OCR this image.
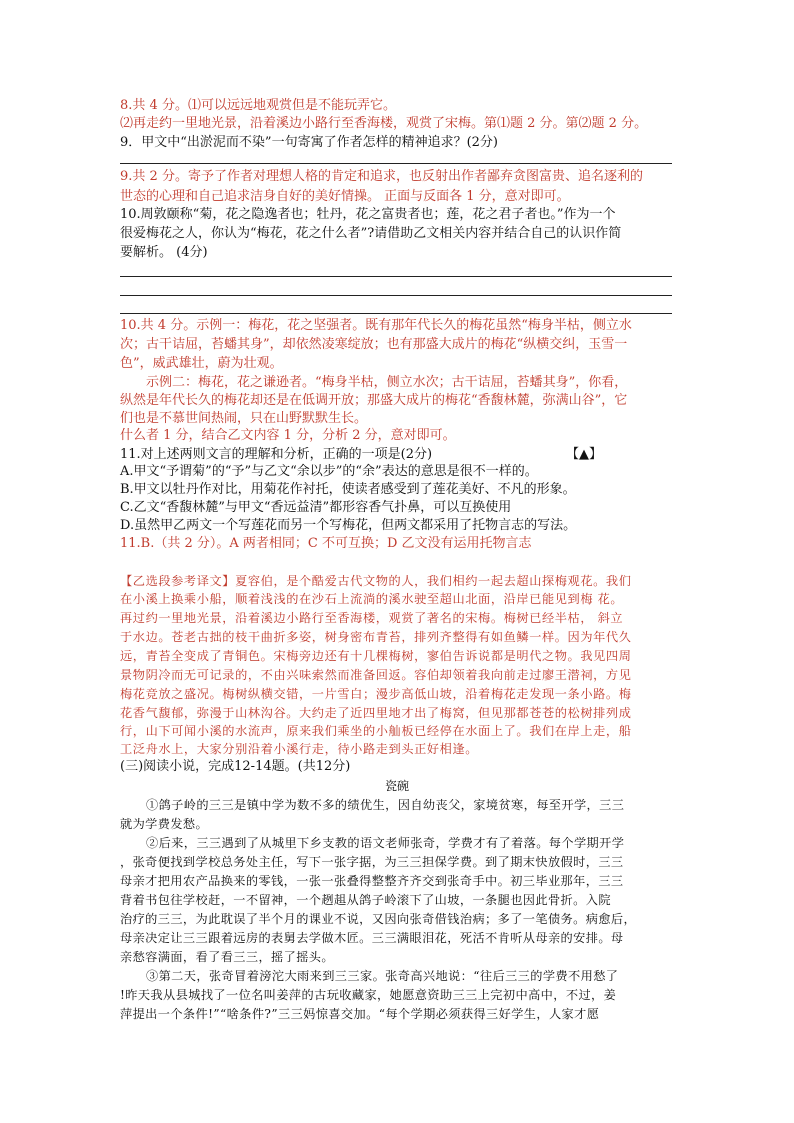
8.共 4 分。⑴可以远远地观赏但是不能玩弄它。

⑵再走约一里地光景，沿着溪边小路行至香海楼，观赏了宋梅。第⑴题 2 分。第⑵题 2 分。

9．甲文中“出淤泥而不染”一句寄寓了作者怎样的精神追求？(2分)

9.共 2 分。寄予了作者对理想人格的肯定和追求，也反射出作者鄙弃贪图富贵、追名逐利的

世态的心理和自己追求洁身自好的美好情操。 正面与反面各 1 分，意对即可。

10.周敦颐称“菊，花之隐逸者也；牡丹，花之富贵者也；莲，花之君子者也。”作为一个

很爱梅花之人，你认为“梅花，花之什么者”?请借助乙文相关内容并结合自己的认识作简

要解析。 (4分)

10.共 4 分。示例一：梅花，花之坚强者。既有那年代长久的梅花虽然“梅身半枯，侧立水

次；古干诘屈，苔蟠其身”，却依然凌寒绽放；也有那盛大成片的梅花“纵横交纠，玉雪一

色”，威武雄壮，蔚为壮观。

示例二：梅花，花之谦逊者。“梅身半枯，侧立水次；古干诘屈，苔蟠其身”，你看，

纵然是年代长久的梅花却还是在低调开放；那盛大成片的梅花“香馥林麓，弥满山谷”，它

们也是不慕世间热闹，只在山野默默生长。

什么者 1 分，结合乙文内容 1 分，分析 2 分，意对即可。

11.对上述两则文言的理解和分析，正确的一项是(2分)	【▲】

A.甲文“予谓菊”的“予”与乙文“余以步”的“余”表达的意思是很不一样的。

B.甲文以牡丹作对比，用菊花作衬托，使读者感受到了莲花美好、不凡的形象。

C.乙文“香馥林麓”与甲文“香远益清”都形容香气扑鼻，可以互换使用

D.虽然甲乙两文一个写莲花而另一个写梅花，但两文都采用了托物言志的写法。

11.B.（共 2 分）。A 两者相同；C 不可互换；D 乙文没有运用托物言志

【乙选段参考译文】夏容伯，是个酷爱古代文物的人，我们相约一起去超山探梅观花。我们

在小溪上换乘小船，顺着浅浅的在沙石上流淌的溪水驶至超山北面，沿岸已能见到梅 花。

再过约一里地光景，沿着溪边小路行至香海楼，观赏了著名的宋梅。梅树已经半枯， 斜立

于水边。苍老古拙的枝干曲折多姿，树身密布青苔，排列齐整得有如鱼鳞一样。因为年代久

远，青苔全变成了青铜色。宋梅旁边还有十几棵梅树，寥伯告诉说都是明代之物。我见四周

景物阴冷而无可记录的，不由兴味索然而准备回返。容伯却领着我向前走过廖王潜祠，方见

梅花竞放之盛况。梅树纵横交错，一片雪白；漫步高低山坡，沿着梅花走发现一条小路。梅

花香气馥郁，弥漫于山林沟谷。大约走了近四里地才出了梅窝，但见那都苍苍的松树排列成

行，山下可闻小溪的水流声，原来我们乘坐的小舢板已经停在水面上了。我们在岸上走，船

工泛舟水上，大家分别沿着小溪行走，待小路走到头正好相逢。

(三)阅读小说，完成12-14题。(共12分)

瓷碗

①鸽子岭的三三是镇中学为数不多的绩优生，因自幼丧父，家境贫寒，每至开学，三三

就为学费发愁。

②后来，三三遇到了从城里下乡支教的语文老师张奇，学费才有了着落。每个学期开学

，张奇便找到学校总务处主任，写下一张字据，为三三担保学费。到了期末快放假时，三三

母亲才把用农产品换来的零钱，一张一张叠得整整齐齐交到张奇手中。初三毕业那年，三三

背着书包往学校赶，一不留神，一个趔趄从鸽子岭滚下了山坡，一条腿也因此骨折。入院

治疗的三三，为此耽误了半个月的课业不说，又因向张奇借钱治病；多了一笔债务。病愈后，

母亲决定让三三跟着远房的表舅去学做木匠。三三满眼泪花，死活不肯听从母亲的安排。母

亲愁容满面，看了看三三，摇了摇头。

③第二天，张奇冒着滂沱大雨来到三三家。张奇高兴地说：“往后三三的学费不用愁了

!昨天我从县城找了一位名叫姜萍的古玩收藏家，她愿意资助三三上完初中高中，不过，姜

萍提出一个条件!”“啥条件?”三三妈惊喜交加。“每个学期必须获得三好学生，人家才愿
